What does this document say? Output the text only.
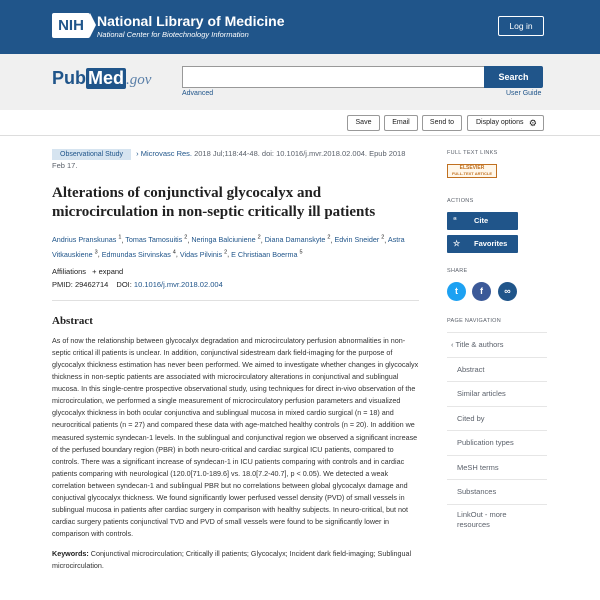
NIH National Library of Medicine
National Center for Biotechnology Information
Log in
Pub Med .gov	Search
Advanced	User Guide
Save	Email	Send to	Display options ⚙
Observational Study › Microvasc Res. 2018 Jul;118:44-48. doi: 10.1016/j.mvr.2018.02.004. Epub 2018 Feb 17.
Alterations of conjunctival glycocalyx and microcirculation in non-septic critically ill patients
Andrius Pranskunas $^1$, Tomas Tamosuitis $^2$, Neringa Balciuniene $^2$, Diana Damanskyte $^2$, Edvin Sneider $^2$, Astra Vitkauskiene $^3$, Edmundas Sirvinskas $^4$, Vidas Pilvinis $^2$, E Christiaan Boerma $^5$
Affiliations + expand
PMID: 29462714 DOI: 10.1016/j.mvr.2018.02.004
Abstract

As of now the relationship between glycocalyx degradation and microcirculatory perfusion abnormalities in non-septic critical ill patients is unclear. In addition, conjunctival sidestream dark field-imaging for the purpose of glycocalyx thickness estimation has never been performed. We aimed to investigate whether changes in glycocalyx thickness in non-septic patients are associated with microcirculatory alterations in conjunctival and sublingual mucosa. In this single-centre prospective observational study, using techniques for direct in-vivo observation of the microcirculation, we performed a single measurement of microcirculatory perfusion parameters and visualized glycocalyx thickness in both ocular conjunctiva and sublingual mucosa in mixed cardio surgical (n = 18) and neurocritical patients (n = 27) and compared these data with age-matched healthy controls (n = 20). In addition we measured systemic syndecan-1 levels. In the sublingual and conjunctival region we observed a significant increase of the perfused boundary region (PBR) in both neuro-critical and cardiac surgical ICU patients, compared to controls. There was a significant increase of syndecan-1 in ICU patients comparing with controls and in cardiac patients comparing with neurological (120.0[71.0-189.6] vs. 18.0[7.2-40.7], p < 0.05). We detected a weak correlation between syndecan-1 and sublingual PBR but no correlations between global glycocalyx damage and conjuctival glycocalyx thickness. We found significantly lower perfused vessel density (PVD) of small vessels in sublingual mucosa in patients after cardiac surgery in comparison with healthy subjects. In neuro-critical, but not cardiac surgery patients conjunctival TVD and PVD of small vessels were found to be significantly lower in comparison with controls.

Keywords: Conjunctival microcirculation; Critically ill patients; Glycocalyx; Incident dark field-imaging; Sublingual microcirculation.

FULL TEXT LINKS
ELSEVIER
FULL-TEXT ARTICLE
ACTIONS
“ Cite
☆ Favorites
SHARE
t	f	∞
PAGE NAVIGATION
‹ Title & authors
Abstract
Similar articles
Cited by
Publication types
MeSH terms
Substances
LinkOut - more resources
